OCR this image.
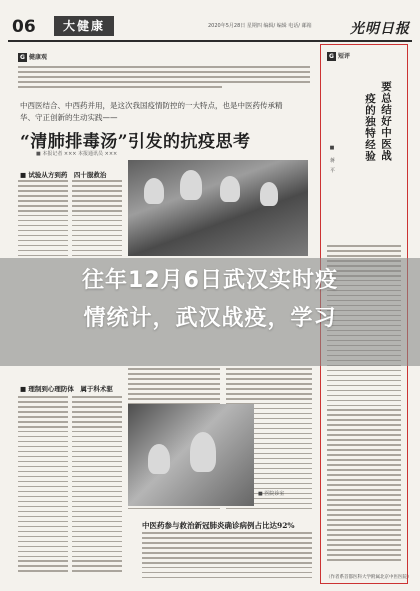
06	大健康	2020年5月28日 星期四 编辑/ 编辑 电话/ 邮箱	光明日报
G 健康观
中西医结合、中西药并用，是这次我国疫情防控的一大特点，也是中医药传承精
华、守正创新的生动实践——
“清肺排毒汤”引发的抗疫思考
■ 本报记者 ××× 本报通讯员 ×××
■ 试验从方到药　四十服救治
■ 理制到心理防体　属于科术驱
■ 医院诊室
中医药参与救治新冠肺炎确诊病例占比达92%
G 短评
要总结好中医战
疫的独特经验
■ 　蒋　平
（作者系首都医科大学附属北京中医医院）
往年12月6日武汉实时疫
情统计，武汉战疫，学习
